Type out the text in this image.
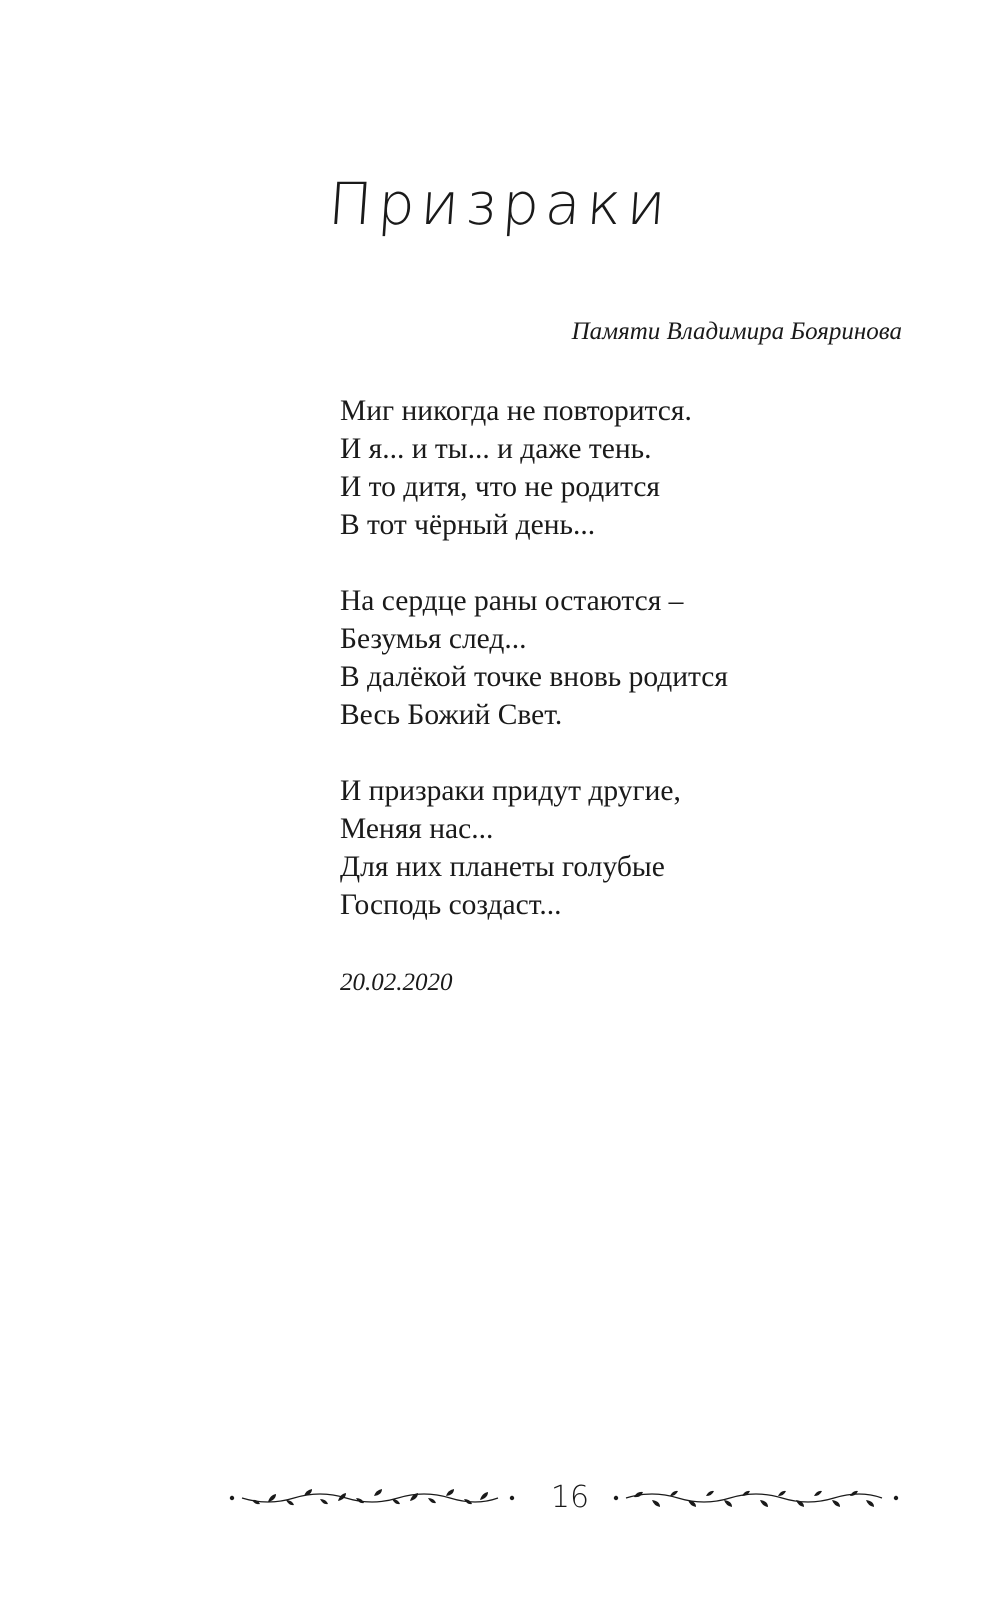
Призраки
Памяти Владимира Бояринова
Миг никогда не повторится.
И я... и ты... и даже тень.
И то дитя, что не родится
В тот чёрный день...
На сердце раны остаются –
Безумья след...
В далёкой точке вновь родится
Весь Божий Свет.
И призраки придут другие,
Меняя нас...
Для них планеты голубые
Господь создаст...
20.02.2020
16
